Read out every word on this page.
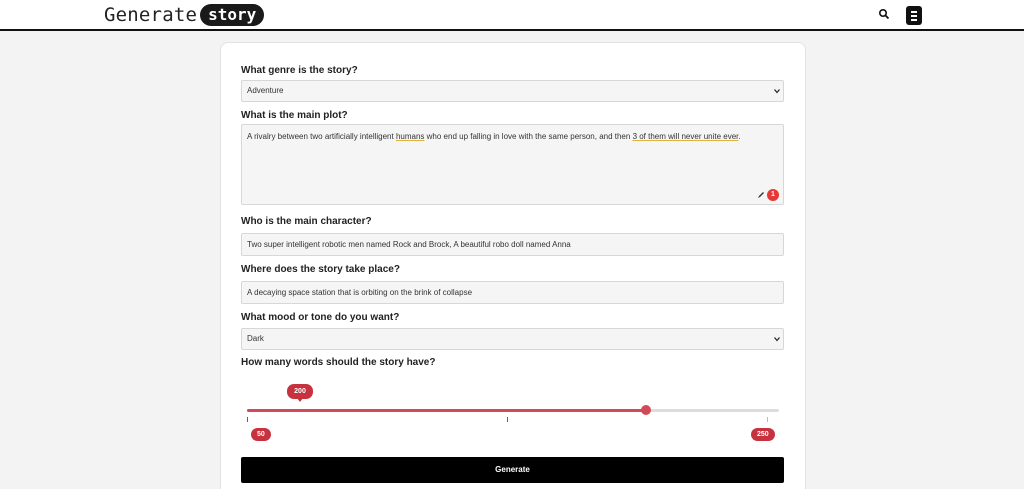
Generate story
What genre is the story?
Adventure
What is the main plot?
A rivalry between two artificially intelligent humans who end up falling in love with the same person, and then 3 of them will never unite ever.
1
Who is the main character?
Two super intelligent robotic men named Rock and Brock, A beautiful robo doll named Anna
Where does the story take place?
A decaying space station that is orbiting on the brink of collapse
What mood or tone do you want?
Dark
How many words should the story have?
200
50	250
Generate
